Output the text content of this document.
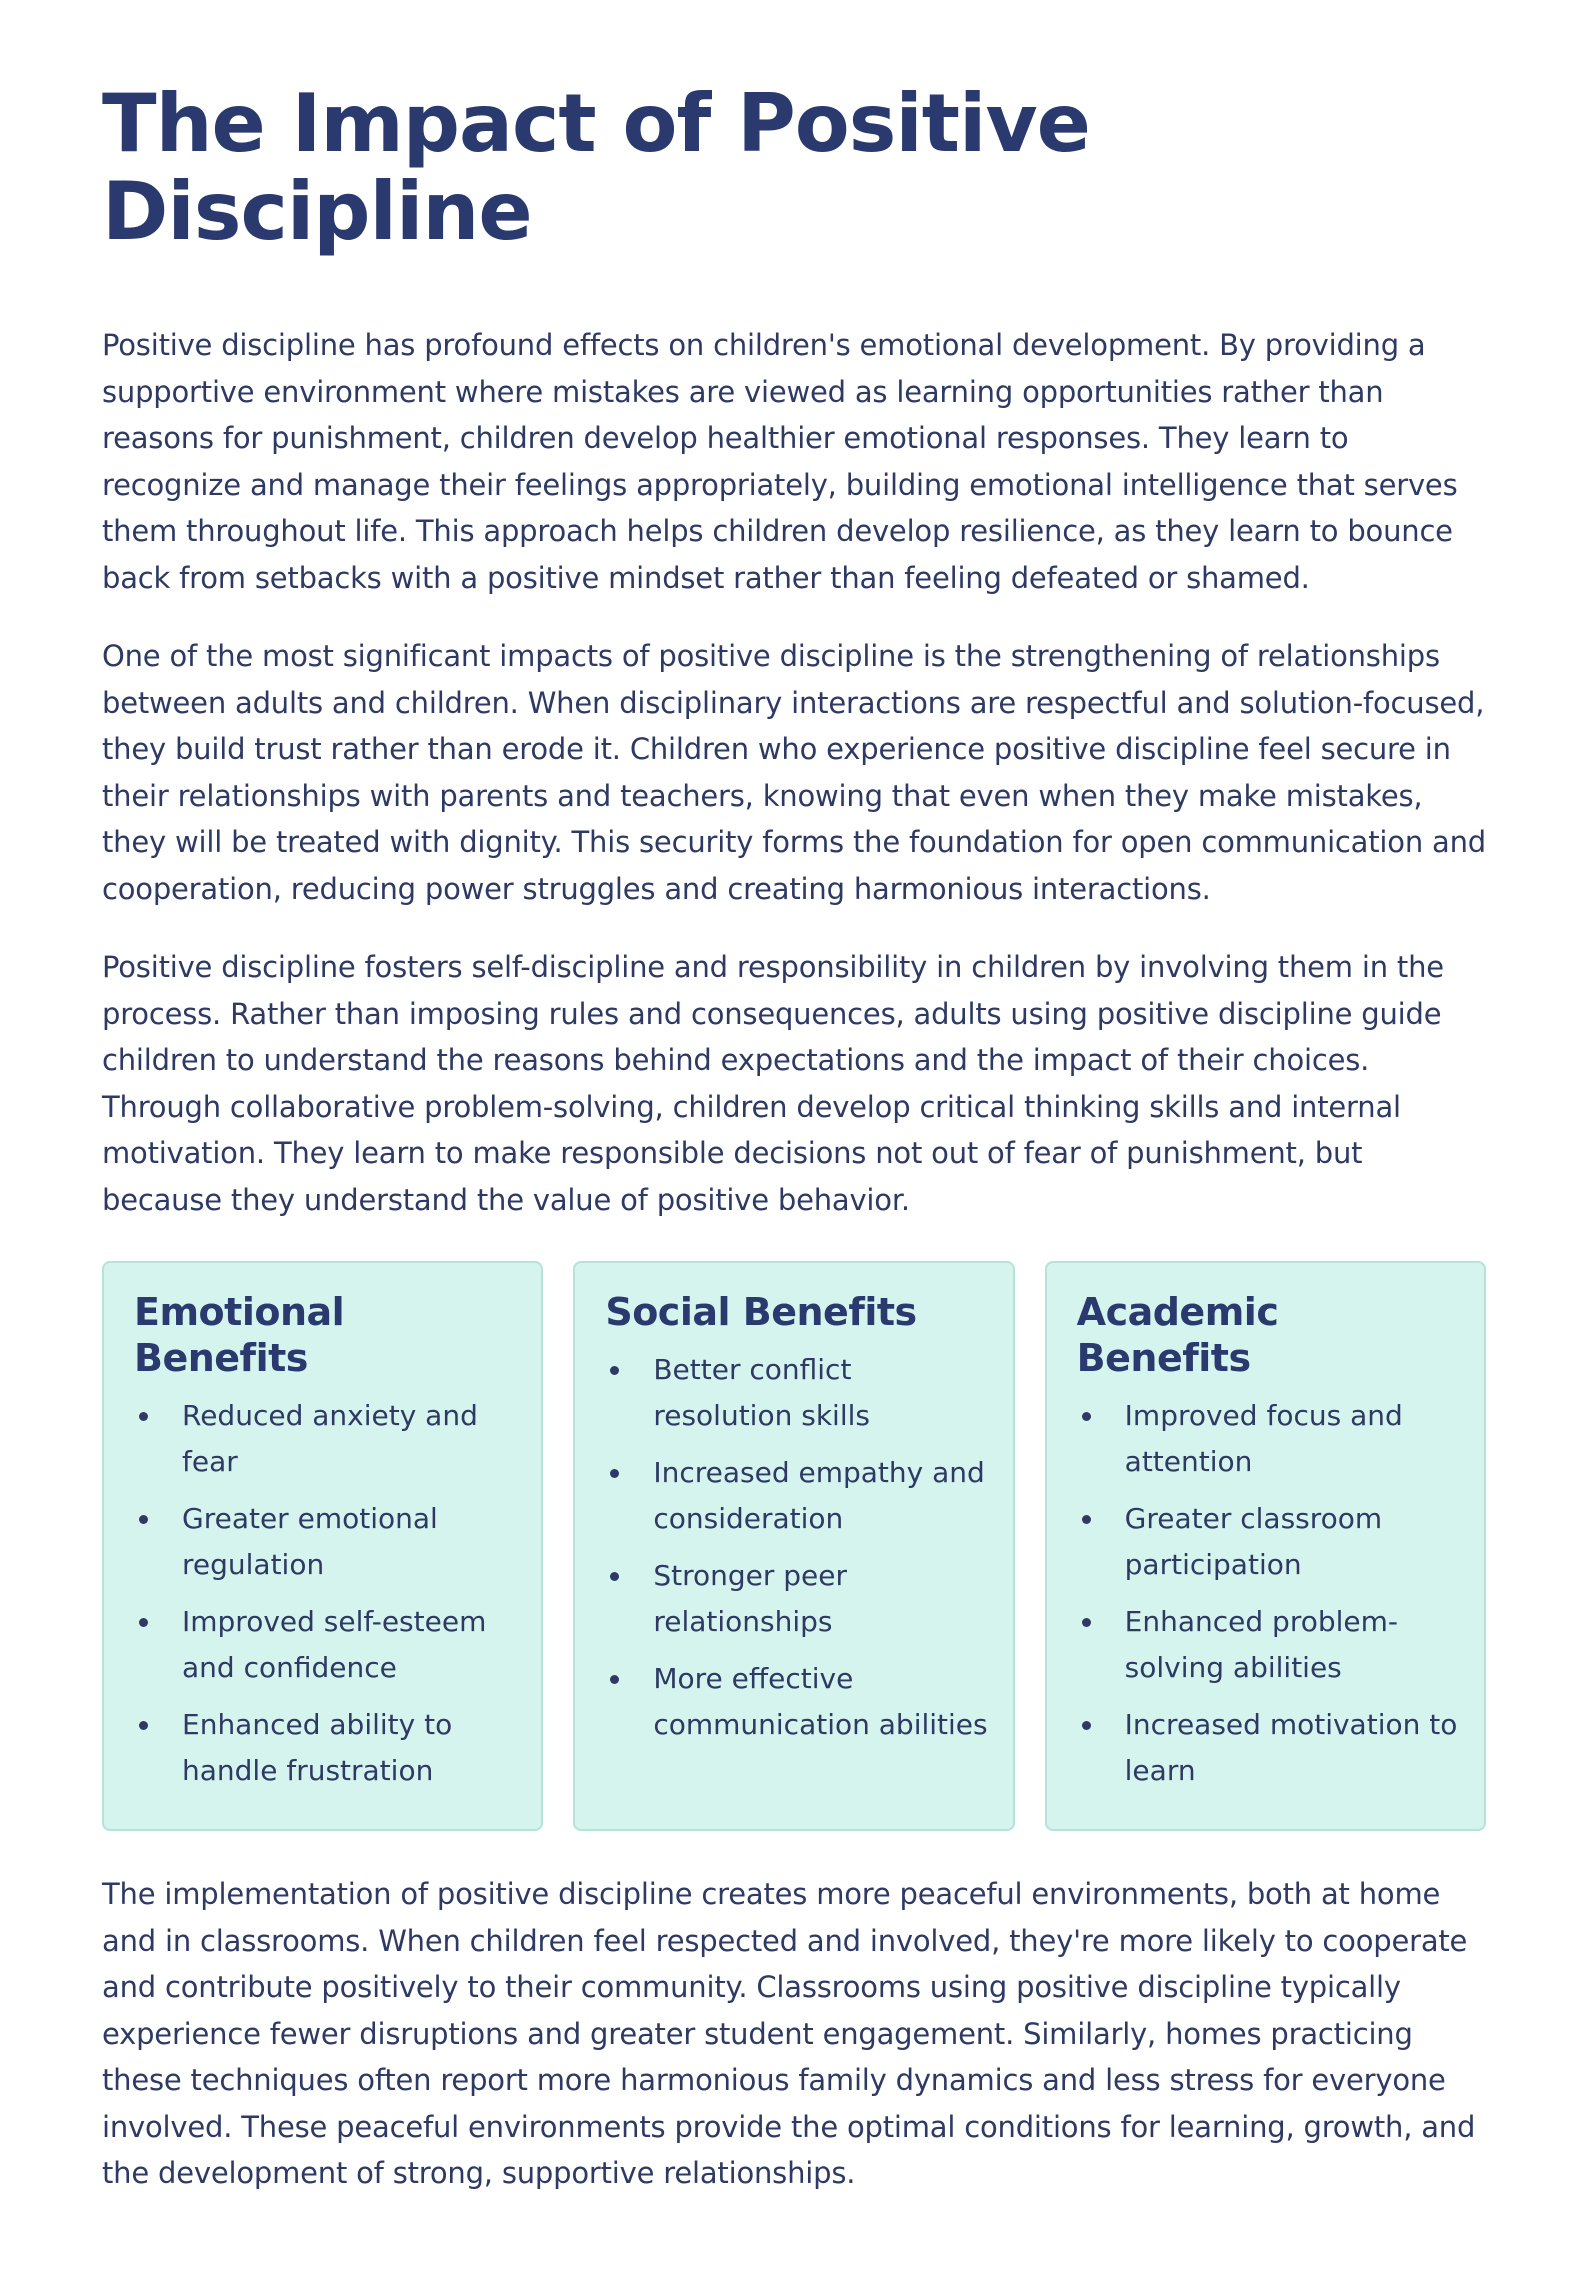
The Impact of Positive Discipline

Positive discipline has profound effects on children's emotional development. By providing a supportive environment where mistakes are viewed as learning opportunities rather than reasons for punishment, children develop healthier emotional responses. They learn to recognize and manage their feelings appropriately, building emotional intelligence that serves them throughout life. This approach helps children develop resilience, as they learn to bounce back from setbacks with a positive mindset rather than feeling defeated or shamed.

One of the most significant impacts of positive discipline is the strengthening of relationships between adults and children. When disciplinary interactions are respectful and solution-focused, they build trust rather than erode it. Children who experience positive discipline feel secure in their relationships with parents and teachers, knowing that even when they make mistakes, they will be treated with dignity. This security forms the foundation for open communication and cooperation, reducing power struggles and creating harmonious interactions.

Positive discipline fosters self-discipline and responsibility in children by involving them in the process. Rather than imposing rules and consequences, adults using positive discipline guide children to understand the reasons behind expectations and the impact of their choices. Through collaborative problem-solving, children develop critical thinking skills and internal motivation. They learn to make responsible decisions not out of fear of punishment, but because they understand the value of positive behavior.

Emotional Benefits
Reduced anxiety and fear
Greater emotional regulation
Improved self-esteem and confidence
Enhanced ability to handle frustration
Social Benefits
Better conflict resolution skills
Increased empathy and consideration
Stronger peer relationships
More effective communication abilities
Academic Benefits
Improved focus and attention
Greater classroom participation
Enhanced problem-solving abilities
Increased motivation to learn

The implementation of positive discipline creates more peaceful environments, both at home and in classrooms. When children feel respected and involved, they're more likely to cooperate and contribute positively to their community. Classrooms using positive discipline typically experience fewer disruptions and greater student engagement. Similarly, homes practicing these techniques often report more harmonious family dynamics and less stress for everyone involved. These peaceful environments provide the optimal conditions for learning, growth, and the development of strong, supportive relationships.
